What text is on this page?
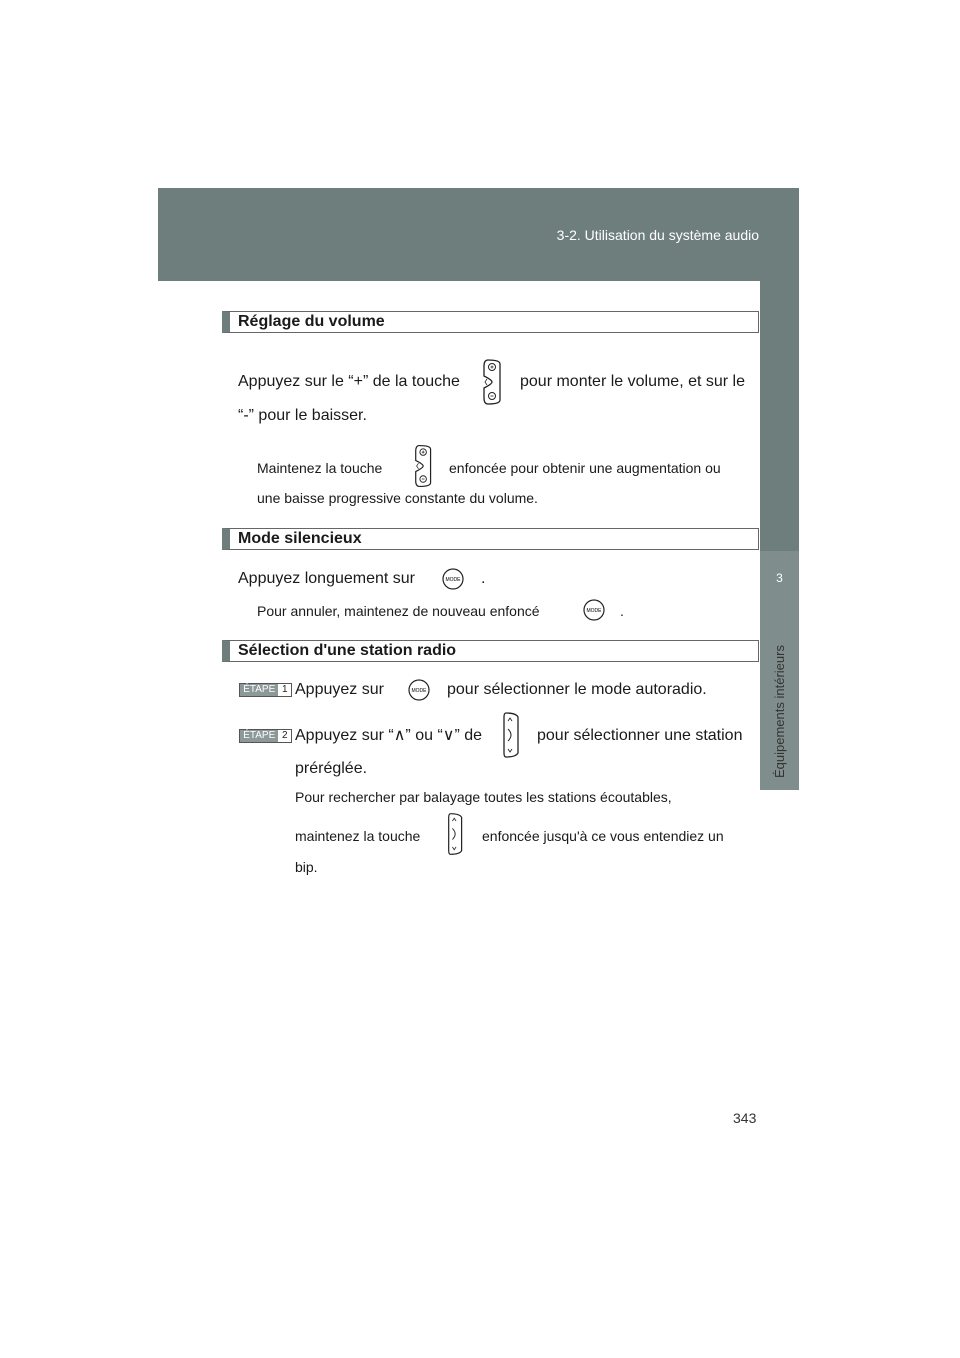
3-2. Utilisation du système audio
3
Équipements intérieurs
Réglage du volume
Appuyez sur le “+” de la touche	pour monter le volume, et sur le
“-” pour le baisser.
Maintenez la touche	enfoncée pour obtenir une augmentation ou
une baisse progressive constante du volume.
Mode silencieux
Appuyez longuement sur	MODE .
Pour annuler, maintenez de nouveau enfoncé	MODE .
Sélection d'une station radio
ÉTAPE 1 Appuyez sur	MODE pour sélectionner le mode autoradio.
ÉTAPE 2 Appuyez sur “∧” ou “∨” de	pour sélectionner une station
préréglée.
Pour rechercher par balayage toutes les stations écoutables,
maintenez la touche	enfoncée jusqu'à ce vous entendiez un
bip.
343
